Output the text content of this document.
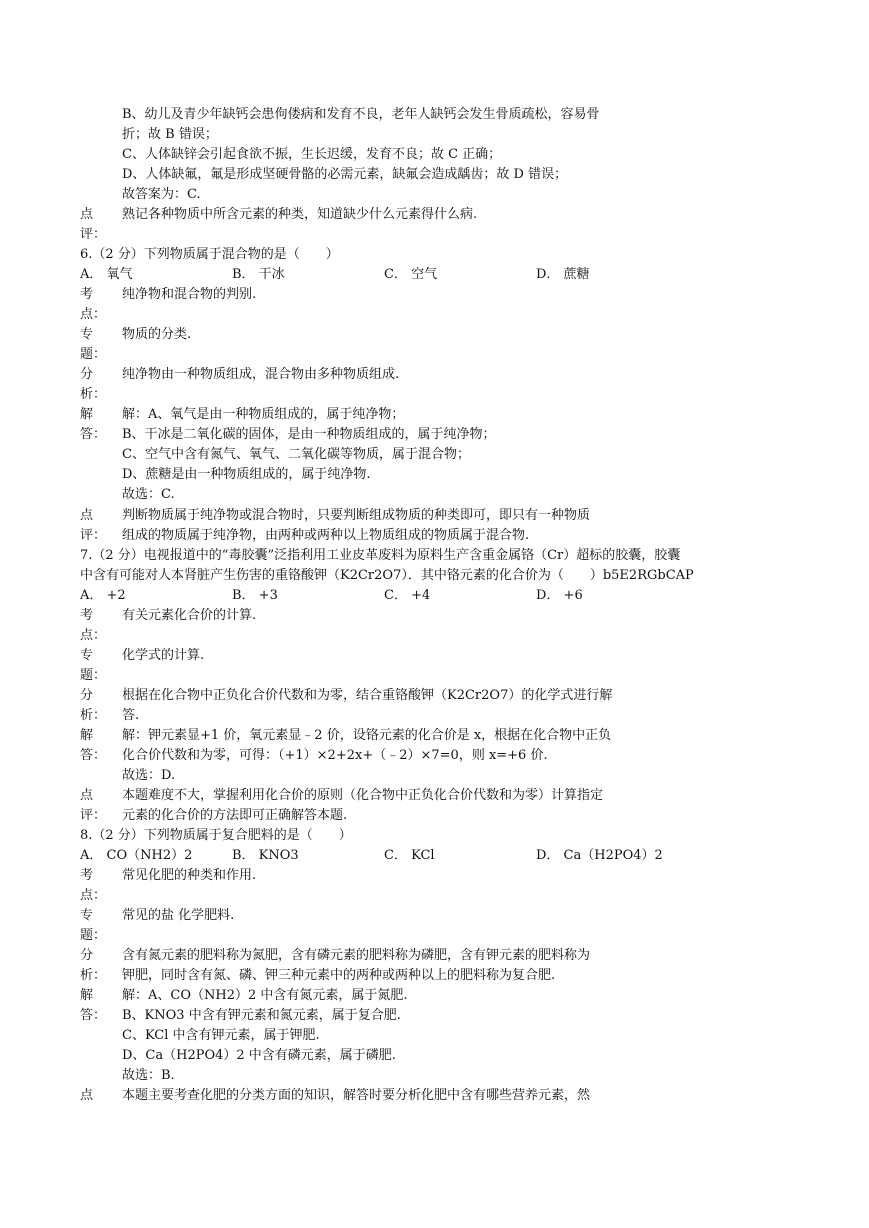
B、幼儿及青少年缺钙会患佝偻病和发育不良，老年人缺钙会发生骨质疏松，容易骨
折；故 B 错误；
C、人体缺锌会引起食欲不振，生长迟缓，发育不良；故 C 正确；
D、人体缺氟，氟是形成坚硬骨骼的必需元素，缺氟会造成龋齿；故 D 错误；
故答案为：C.
点 熟记各种物质中所含元素的种类，知道缺少什么元素得什么病.
评：
6.（2 分）下列物质属于混合物的是（　　）
A． 氧气	B． 干冰	C． 空气	D． 蔗糖
考 纯净物和混合物的判别.
点：
专 物质的分类.
题：
分 纯净物由一种物质组成，混合物由多种物质组成.
析：
解 解：A、氧气是由一种物质组成的，属于纯净物；
答： B、干冰是二氧化碳的固体，是由一种物质组成的，属于纯净物；
C、空气中含有氮气、氧气、二氧化碳等物质，属于混合物；
D、蔗糖是由一种物质组成的，属于纯净物.
故选：C.
点 判断物质属于纯净物或混合物时，只要判断组成物质的种类即可，即只有一种物质
评： 组成的物质属于纯净物，由两种或两种以上物质组成的物质属于混合物.
7.（2 分）电视报道中的“毒胶囊”泛指利用工业皮革废料为原料生产含重金属铬（Cr）超标的胶囊，胶囊
中含有可能对人本肾脏产生伤害的重铬酸钾（K2Cr2O7）．其中铬元素的化合价为（　　）b5E2RGbCAP
A． +2	B． +3	C． +4	D． +6
考 有关元素化合价的计算.
点：
专 化学式的计算.
题：
分 根据在化合物中正负化合价代数和为零，结合重铬酸钾（K2Cr2O7）的化学式进行解
析： 答.
解 解：钾元素显+1 价，氧元素显﹣2 价，设铬元素的化合价是 x，根据在化合物中正负
答： 化合价代数和为零，可得：（+1）×2+2x+（﹣2）×7=0，则 x=+6 价.
故选：D.
点 本题难度不大，掌握利用化合价的原则（化合物中正负化合价代数和为零）计算指定
评： 元素的化合价的方法即可正确解答本题.
8.（2 分）下列物质属于复合肥料的是（　　）
A． CO（NH2）2	B． KNO3	C． KCl	D． Ca（H2PO4）2
考 常见化肥的种类和作用.
点：
专 常见的盐 化学肥料.
题：
分 含有氮元素的肥料称为氮肥，含有磷元素的肥料称为磷肥，含有钾元素的肥料称为
析： 钾肥，同时含有氮、磷、钾三种元素中的两种或两种以上的肥料称为复合肥.
解 解：A、CO（NH2）2 中含有氮元素，属于氮肥.
答： B、KNO3 中含有钾元素和氮元素，属于复合肥.
C、KCl 中含有钾元素，属于钾肥.
D、Ca（H2PO4）2 中含有磷元素，属于磷肥.
故选：B.
点 本题主要考查化肥的分类方面的知识，解答时要分析化肥中含有哪些营养元素，然
